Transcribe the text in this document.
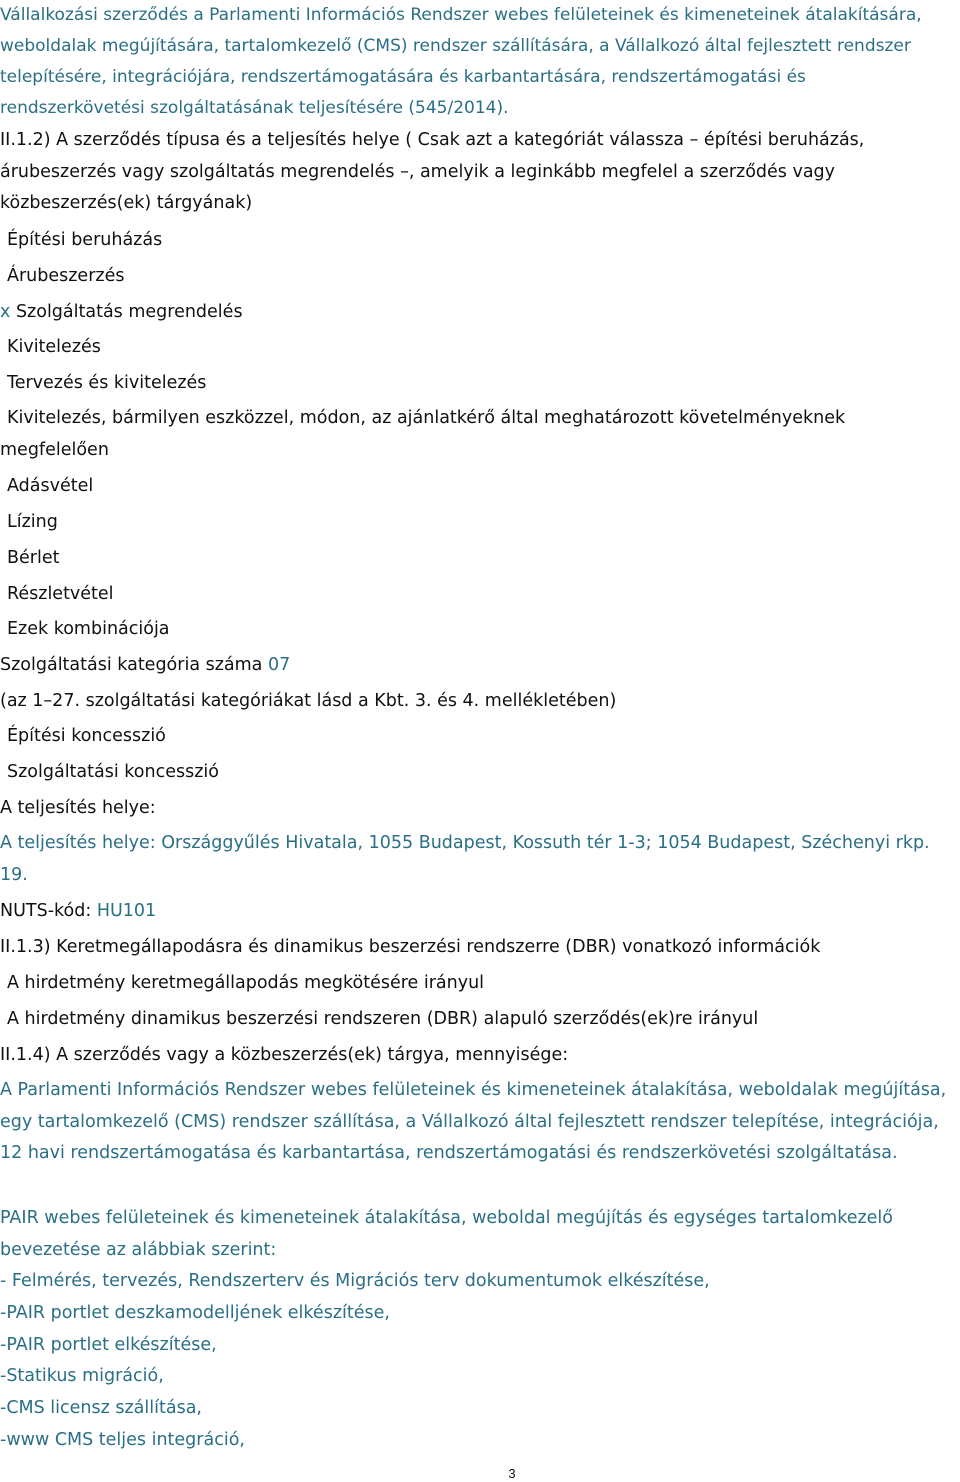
Vállalkozási szerződés a Parlamenti Információs Rendszer webes felületeinek és kimeneteinek átalakítására, weboldalak megújítására, tartalomkezelő (CMS) rendszer szállítására, a Vállalkozó által fejlesztett rendszer telepítésére, integrációjára, rendszertámogatására és karbantartására, rendszertámogatási és rendszerkövetési szolgáltatásának teljesítésére (545/2014).
II.1.2) A szerződés típusa és a teljesítés helye ( Csak azt a kategóriát válassza – építési beruházás, árubeszerzés vagy szolgáltatás megrendelés –, amelyik a leginkább megfelel a szerződés vagy közbeszerzés(ek) tárgyának)
Építési beruházás
Árubeszerzés
x Szolgáltatás megrendelés
Kivitelezés
Tervezés és kivitelezés
Kivitelezés, bármilyen eszközzel, módon, az ajánlatkérő által meghatározott követelményeknek megfelelően
Adásvétel
Lízing
Bérlet
Részletvétel
Ezek kombinációja
Szolgáltatási kategória száma 07
(az 1–27. szolgáltatási kategóriákat lásd a Kbt. 3. és 4. mellékletében)
Építési koncesszió
Szolgáltatási koncesszió
A teljesítés helye:
A teljesítés helye: Országgyűlés Hivatala, 1055 Budapest, Kossuth tér 1-3; 1054 Budapest, Széchenyi rkp. 19.
NUTS-kód: HU101
II.1.3) Keretmegállapodásra és dinamikus beszerzési rendszerre (DBR) vonatkozó információk
A hirdetmény keretmegállapodás megkötésére irányul
A hirdetmény dinamikus beszerzési rendszeren (DBR) alapuló szerződés(ek)re irányul
II.1.4) A szerződés vagy a közbeszerzés(ek) tárgya, mennyisége:
A Parlamenti Információs Rendszer webes felületeinek és kimeneteinek átalakítása, weboldalak megújítása, egy tartalomkezelő (CMS) rendszer szállítása, a Vállalkozó által fejlesztett rendszer telepítése, integrációja, 12 havi rendszertámogatása és karbantartása, rendszertámogatási és rendszerkövetési szolgáltatása.
PAIR webes felületeinek és kimeneteinek átalakítása, weboldal megújítás és egységes tartalomkezelő bevezetése az alábbiak szerint:
- Felmérés, tervezés, Rendszerterv és Migrációs terv dokumentumok elkészítése,
-PAIR portlet deszkamodelljének elkészítése,
-PAIR portlet elkészítése,
-Statikus migráció,
-CMS licensz szállítása,
-www CMS teljes integráció,
3
